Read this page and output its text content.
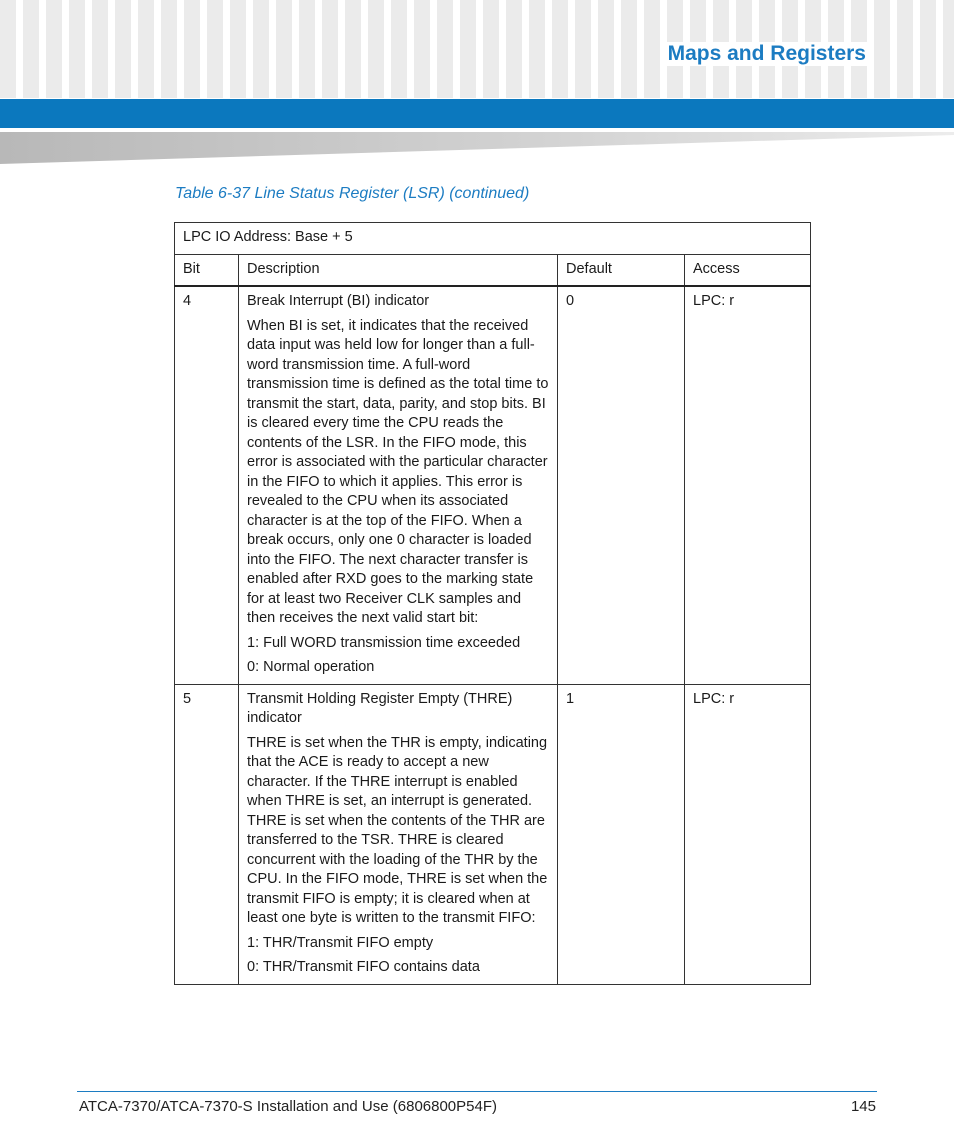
Maps and Registers

Table 6-37 Line Status Register (LSR) (continued)

LPC IO Address: Base + 5			
Bit	Description	Default	Access
4	Break Interrupt (BI) indicator

When BI is set, it indicates that the received data input was held low for longer than a full-word transmission time. A full-word transmission time is defined as the total time to transmit the start, data, parity, and stop bits. BI is cleared every time the CPU reads the contents of the LSR. In the FIFO mode, this error is associated with the particular character in the FIFO to which it applies. This error is revealed to the CPU when its associated character is at the top of the FIFO. When a break occurs, only one 0 character is loaded into the FIFO. The next character transfer is enabled after RXD goes to the marking state for at least two Receiver CLK samples and then receives the next valid start bit:

1: Full WORD transmission time exceeded

0: Normal operation	0	LPC: r
5	Transmit Holding Register Empty (THRE) indicator

THRE is set when the THR is empty, indicating that the ACE is ready to accept a new character. If the THRE interrupt is enabled when THRE is set, an interrupt is generated. THRE is set when the contents of the THR are transferred to the TSR. THRE is cleared concurrent with the loading of the THR by the CPU. In the FIFO mode, THRE is set when the transmit FIFO is empty; it is cleared when at least one byte is written to the transmit FIFO:

1: THR/Transmit FIFO empty

0: THR/Transmit FIFO contains data	1	LPC: r

ATCA-7370/ATCA-7370-S Installation and Use (6806800P54F)	145
